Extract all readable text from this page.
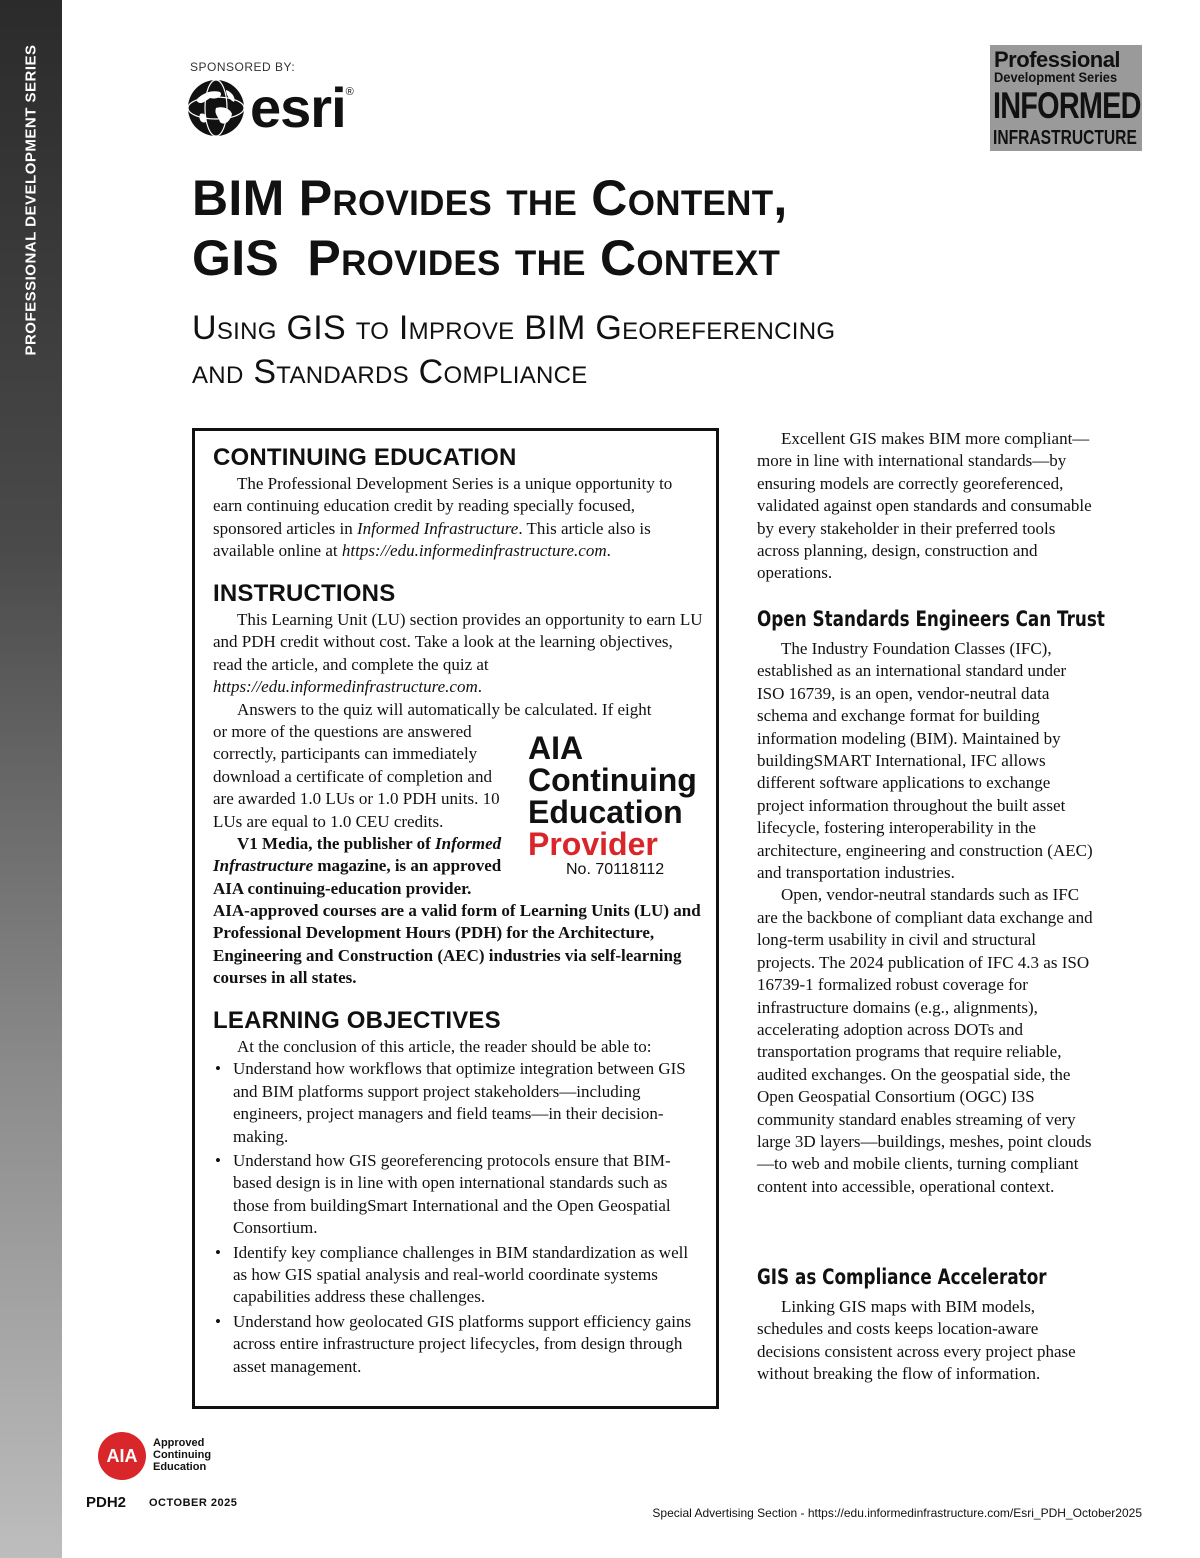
PROFESSIONAL DEVELOPMENT SERIES	SPONSORED BY:
esri ®
Professional
Development Series
INFORMED
INFRASTRUCTURE
BIM Provides the Content,
GIS  Provides the Context
Using GIS to Improve BIM Georeferencing
and Standards Compliance
CONTINUING EDUCATION

The Professional Development Series is a unique opportunity to earn continuing education credit by reading specially focused, sponsored articles in Informed Infrastructure. This article also is available online at https://edu.informedinfrastructure.com.

INSTRUCTIONS

This Learning Unit (LU) section provides an opportunity to earn LU and PDH credit without cost. Take a look at the learning objectives, read the article, and complete the quiz at https://edu.informedinfrastructure.com.

Answers to the quiz will automatically be calculated. If eight

or more of the questions are answered correctly, participants can immediately download a certificate of completion and are awarded 1.0 LUs or 1.0 PDH units. 10 LUs are equal to 1.0 CEU credits.

V1 Media, the publisher of Informed Infrastructure magazine, is an approved AIA continuing-education provider.

AIA-approved courses are a valid form of Learning Units (LU) and Professional Development Hours (PDH) for the Architecture, Engineering and Construction (AEC) industries via self-learning courses in all states.

AIA
Continuing
Education
Provider
No. 70118112
LEARNING OBJECTIVES

At the conclusion of this article, the reader should be able to:

• Understand how workflows that optimize integration between GIS and BIM platforms support project stakeholders—including engineers, project managers and field teams—in their decision-making.
• Understand how GIS georeferencing protocols ensure that BIM-based design is in line with open international standards such as those from buildingSmart International and the Open Geospatial Consortium.
• Identify key compliance challenges in BIM standardization as well as how GIS spatial analysis and real-world coordinate systems capabilities address these challenges.
• Understand how geolocated GIS platforms support efficiency gains across entire infrastructure project lifecycles, from design through asset management.

Excellent GIS makes BIM more compliant—more in line with international standards—by ensuring models are correctly georeferenced, validated against open standards and consumable by every stakeholder in their preferred tools across planning, design, construction and operations.

Open Standards Engineers Can Trust

The Industry Foundation Classes (IFC), established as an international standard under ISO 16739, is an open, vendor-neutral data schema and exchange format for building information modeling (BIM). Maintained by buildingSMART International, IFC allows different software applications to exchange project information throughout the built asset lifecycle, fostering interoperability in the architecture, engineering and construction (AEC) and transportation industries.

Open, vendor-neutral standards such as IFC are the backbone of compliant data exchange and long-term usability in civil and structural projects. The 2024 publication of IFC 4.3 as ISO 16739-1 formalized robust coverage for infrastructure domains (e.g., alignments), accelerating adoption across DOTs and transportation programs that require reliable, audited exchanges. On the geospatial side, the Open Geospatial Consortium (OGC) I3S community standard enables streaming of very large 3D layers—buildings, meshes, point clouds—to web and mobile clients, turning compliant content into accessible, operational context.

GIS as Compliance Accelerator

Linking GIS maps with BIM models, schedules and costs keeps location-aware decisions consistent across every project phase without breaking the flow of information.

AIA
Approved
Continuing
Education
PDH2 OCTOBER 2025
Special Advertising Section - https://edu.informedinfrastructure.com/Esri_PDH_October2025
